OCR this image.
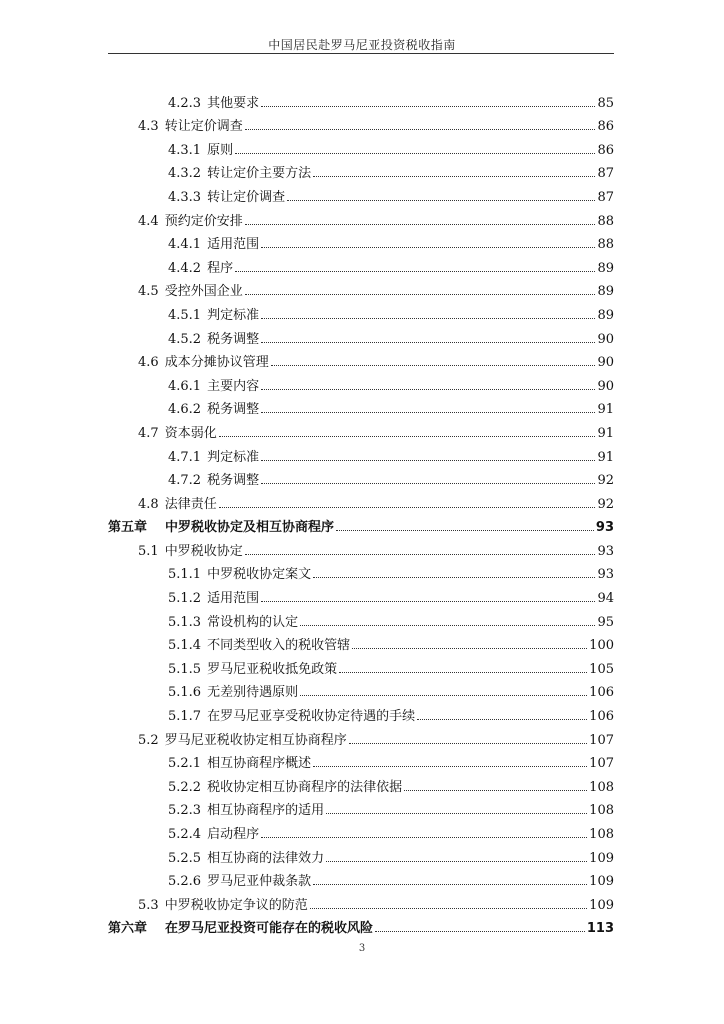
中国居民赴罗马尼亚投资税收指南
4.2.3 其他要求	85
4.3 转让定价调查	86
4.3.1 原则	86
4.3.2 转让定价主要方法	87
4.3.3 转让定价调查	87
4.4 预约定价安排	88
4.4.1 适用范围	88
4.4.2 程序	89
4.5 受控外国企业	89
4.5.1 判定标准	89
4.5.2 税务调整	90
4.6 成本分摊协议管理	90
4.6.1 主要内容	90
4.6.2 税务调整	91
4.7 资本弱化	91
4.7.1 判定标准	91
4.7.2 税务调整	92
4.8 法律责任	92
第五章 中罗税收协定及相互协商程序	93
5.1 中罗税收协定	93
5.1.1 中罗税收协定案文	93
5.1.2 适用范围	94
5.1.3 常设机构的认定	95
5.1.4 不同类型收入的税收管辖	100
5.1.5 罗马尼亚税收抵免政策	105
5.1.6 无差别待遇原则	106
5.1.7 在罗马尼亚享受税收协定待遇的手续	106
5.2 罗马尼亚税收协定相互协商程序	107
5.2.1 相互协商程序概述	107
5.2.2 税收协定相互协商程序的法律依据	108
5.2.3 相互协商程序的适用	108
5.2.4 启动程序	108
5.2.5 相互协商的法律效力	109
5.2.6 罗马尼亚仲裁条款	109
5.3 中罗税收协定争议的防范	109
第六章 在罗马尼亚投资可能存在的税收风险	113
3
